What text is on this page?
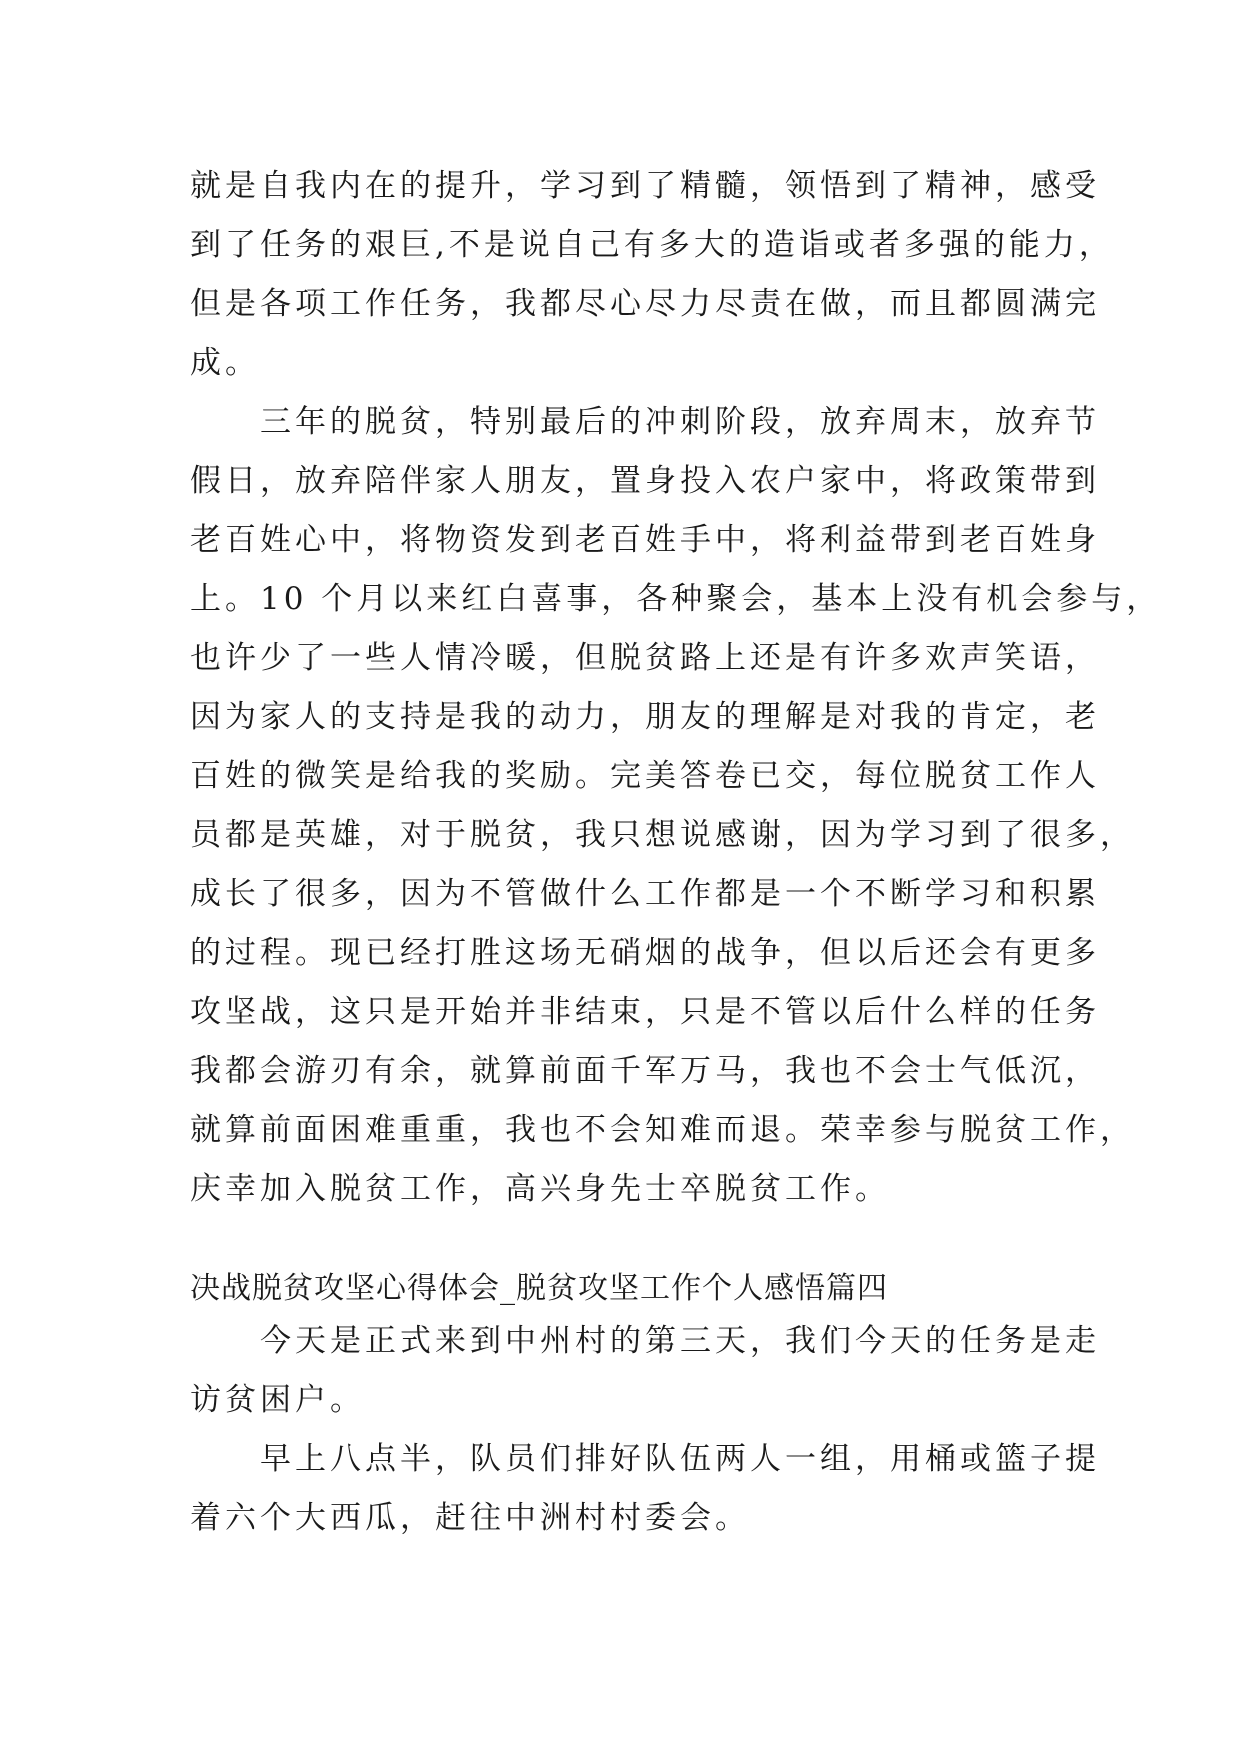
就是自我内在的提升，学习到了精髓，领悟到了精神，感受
到了任务的艰巨,不是说自己有多大的造诣或者多强的能力，
但是各项工作任务，我都尽心尽力尽责在做，而且都圆满完
成。
　　三年的脱贫，特别最后的冲刺阶段，放弃周末，放弃节
假日，放弃陪伴家人朋友，置身投入农户家中，将政策带到
老百姓心中，将物资发到老百姓手中，将利益带到老百姓身
上。10 个月以来红白喜事，各种聚会，基本上没有机会参与，
也许少了一些人情冷暖，但脱贫路上还是有许多欢声笑语，
因为家人的支持是我的动力，朋友的理解是对我的肯定，老
百姓的微笑是给我的奖励。完美答卷已交，每位脱贫工作人
员都是英雄，对于脱贫，我只想说感谢，因为学习到了很多，
成长了很多，因为不管做什么工作都是一个不断学习和积累
的过程。现已经打胜这场无硝烟的战争，但以后还会有更多
攻坚战，这只是开始并非结束，只是不管以后什么样的任务
我都会游刃有余，就算前面千军万马，我也不会士气低沉，
就算前面困难重重，我也不会知难而退。荣幸参与脱贫工作，
庆幸加入脱贫工作，高兴身先士卒脱贫工作。
决战脱贫攻坚心得体会_脱贫攻坚工作个人感悟篇四
　　今天是正式来到中州村的第三天，我们今天的任务是走
访贫困户。
　　早上八点半，队员们排好队伍两人一组，用桶或篮子提
着六个大西瓜，赶往中洲村村委会。
